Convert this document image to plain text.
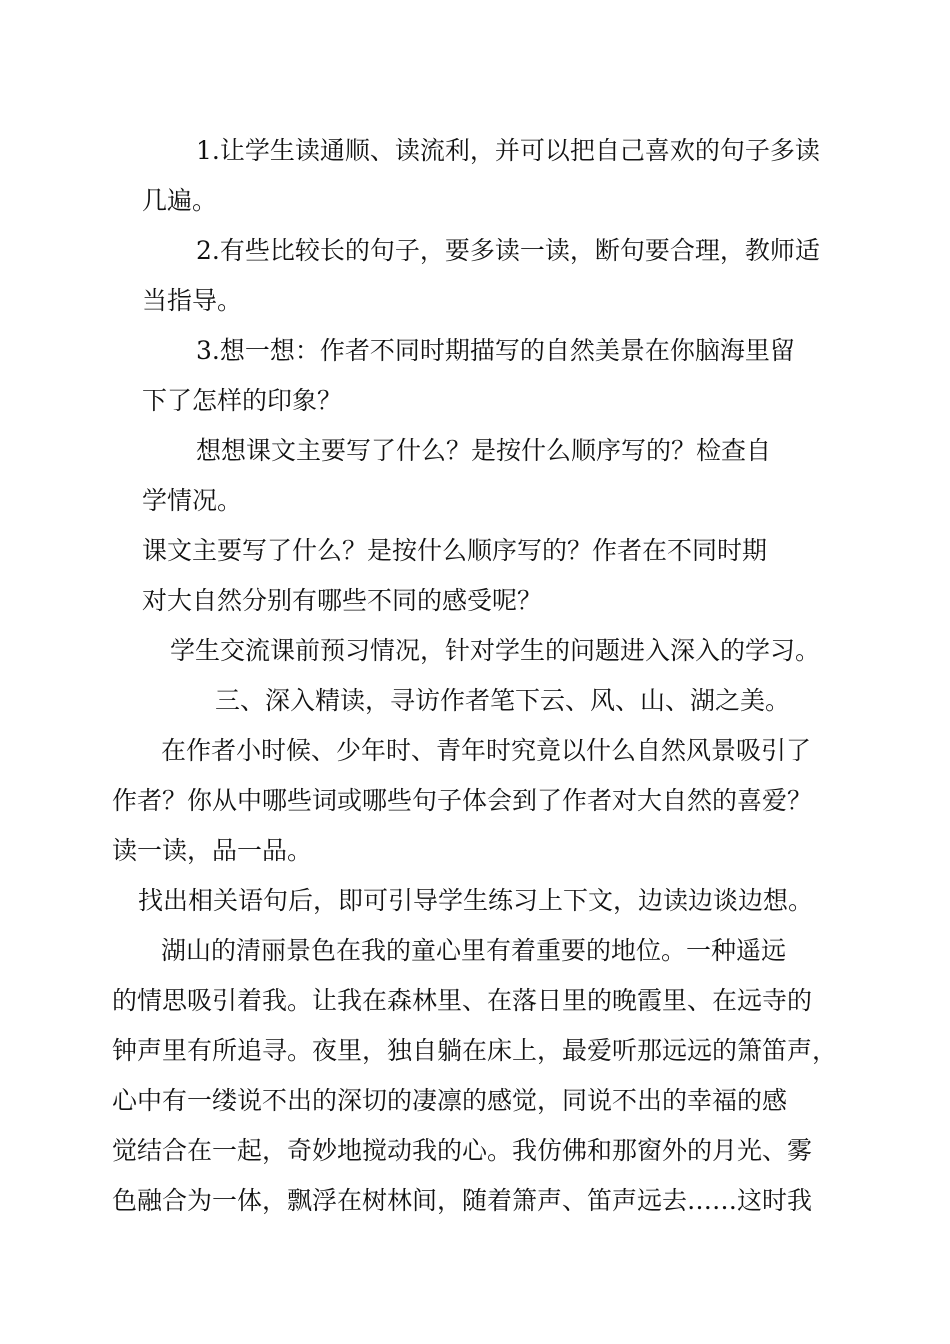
1.让学生读通顺、读流利，并可以把自己喜欢的句子多读
几遍。
2.有些比较长的句子，要多读一读，断句要合理，教师适
当指导。
3.想一想：作者不同时期描写的自然美景在你脑海里留
下了怎样的印象？
想想课文主要写了什么？是按什么顺序写的？检查自
学情况。
课文主要写了什么？是按什么顺序写的？作者在不同时期
对大自然分别有哪些不同的感受呢？
学生交流课前预习情况，针对学生的问题进入深入的学习。
三、深入精读，寻访作者笔下云、风、山、湖之美。
在作者小时候、少年时、青年时究竟以什么自然风景吸引了
作者？你从中哪些词或哪些句子体会到了作者对大自然的喜爱？
读一读，品一品。
找出相关语句后，即可引导学生练习上下文，边读边谈边想。
湖山的清丽景色在我的童心里有着重要的地位。一种遥远
的情思吸引着我。让我在森林里、在落日里的晚霞里、在远寺的
钟声里有所追寻。夜里，独自躺在床上，最爱听那远远的箫笛声，
心中有一缕说不出的深切的凄凛的感觉，同说不出的幸福的感
觉结合在一起，奇妙地搅动我的心。我仿佛和那窗外的月光、雾
色融合为一体，飘浮在树林间，随着箫声、笛声远去……这时我
